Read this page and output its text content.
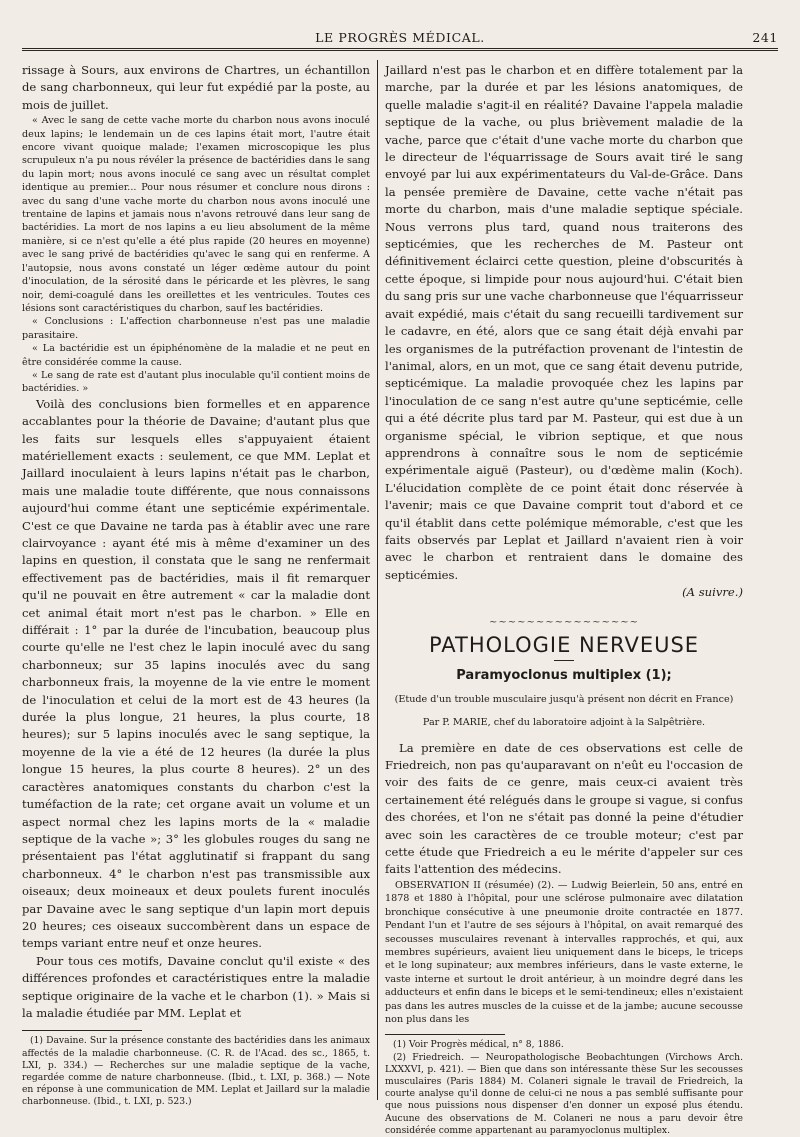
LE PROGRÈS MÉDICAL.	241

rissage à Sours, aux environs de Chartres, un échantillon de sang charbonneux, qui leur fut expédié par la poste, au mois de juillet.

« Avec le sang de cette vache morte du charbon nous avons inoculé deux lapins; le lendemain un de ces lapins était mort, l'autre était encore vivant quoique malade; l'examen microscopique les plus scrupuleux n'a pu nous révéler la présence de bactéridies dans le sang du lapin mort; nous avons inoculé ce sang avec un résultat complet identique au premier... Pour nous résumer et conclure nous dirons : avec du sang d'une vache morte du charbon nous avons inoculé une trentaine de lapins et jamais nous n'avons retrouvé dans leur sang de bactéridies. La mort de nos lapins a eu lieu absolument de la même manière, si ce n'est qu'elle a été plus rapide (20 heures en moyenne) avec le sang privé de bactéridies qu'avec le sang qui en renferme. A l'autopsie, nous avons constaté un léger œdème autour du point d'inoculation, de la sérosité dans le péricarde et les plèvres, le sang noir, demi-coagulé dans les oreillettes et les ventricules. Toutes ces lésions sont caractéristiques du charbon, sauf les bactéridies.

« Conclusions : L'affection charbonneuse n'est pas une maladie parasitaire.

« La bactéridie est un épiphénomène de la maladie et ne peut en être considérée comme la cause.

« Le sang de rate est d'autant plus inoculable qu'il contient moins de bactéridies. »

Voilà des conclusions bien formelles et en apparence accablantes pour la théorie de Davaine; d'autant plus que les faits sur lesquels elles s'appuyaient étaient matériellement exacts : seulement, ce que MM. Leplat et Jaillard inoculaient à leurs lapins n'était pas le charbon, mais une maladie toute différente, que nous connaissons aujourd'hui comme étant une septicémie expérimentale. C'est ce que Davaine ne tarda pas à établir avec une rare clairvoyance : ayant été mis à même d'examiner un des lapins en question, il constata que le sang ne renfermait effectivement pas de bactéridies, mais il fit remarquer qu'il ne pouvait en être autrement « car la maladie dont cet animal était mort n'est pas le charbon. » Elle en différait : 1° par la durée de l'incubation, beaucoup plus courte qu'elle ne l'est chez le lapin inoculé avec du sang charbonneux; sur 35 lapins inoculés avec du sang charbonneux frais, la moyenne de la vie entre le moment de l'inoculation et celui de la mort est de 43 heures (la durée la plus longue, 21 heures, la plus courte, 18 heures); sur 5 lapins inoculés avec le sang septique, la moyenne de la vie a été de 12 heures (la durée la plus longue 15 heures, la plus courte 8 heures). 2° un des caractères anatomiques constants du charbon c'est la tuméfaction de la rate; cet organe avait un volume et un aspect normal chez les lapins morts de la « maladie septique de la vache »; 3° les globules rouges du sang ne présentaient pas l'état agglutinatif si frappant du sang charbonneux. 4° le charbon n'est pas transmissible aux oiseaux; deux moineaux et deux poulets furent inoculés par Davaine avec le sang septique d'un lapin mort depuis 20 heures; ces oiseaux succombèrent dans un espace de temps variant entre neuf et onze heures.

Pour tous ces motifs, Davaine conclut qu'il existe « des différences profondes et caractéristiques entre la maladie septique originaire de la vache et le charbon (1). » Mais si la maladie étudiée par MM. Leplat et

(1) Davaine. Sur la présence constante des bactéridies dans les animaux affectés de la maladie charbonneuse. (C. R. de l'Acad. des sc., 1865, t. LXI, p. 334.) — Recherches sur une maladie septique de la vache, regardée comme de nature charbonneuse. (Ibid., t. LXI, p. 368.) — Note en réponse à une communication de MM. Leplat et Jaillard sur la maladie charbonneuse. (Ibid., t. LXI, p. 523.)

Jaillard n'est pas le charbon et en diffère totalement par la marche, par la durée et par les lésions anatomiques, de quelle maladie s'agit-il en réalité? Davaine l'appela maladie septique de la vache, ou plus brièvement maladie de la vache, parce que c'était d'une vache morte du charbon que le directeur de l'équarrissage de Sours avait tiré le sang envoyé par lui aux expérimentateurs du Val-de-Grâce. Dans la pensée première de Davaine, cette vache n'était pas morte du charbon, mais d'une maladie septique spéciale. Nous verrons plus tard, quand nous traiterons des septicémies, que les recherches de M. Pasteur ont définitivement éclairci cette question, pleine d'obscurités à cette époque, si limpide pour nous aujourd'hui. C'était bien du sang pris sur une vache charbonneuse que l'équarrisseur avait expédié, mais c'était du sang recueilli tardivement sur le cadavre, en été, alors que ce sang était déjà envahi par les organismes de la putréfaction provenant de l'intestin de l'animal, alors, en un mot, que ce sang était devenu putride, septicémique. La maladie provoquée chez les lapins par l'inoculation de ce sang n'est autre qu'une septicémie, celle qui a été décrite plus tard par M. Pasteur, qui est due à un organisme spécial, le vibrion septique, et que nous apprendrons à connaître sous le nom de septicémie expérimentale aiguë (Pasteur), ou d'œdème malin (Koch). L'élucidation complète de ce point était donc réservée à l'avenir; mais ce que Davaine comprit tout d'abord et ce qu'il établit dans cette polémique mémorable, c'est que les faits observés par Leplat et Jaillard n'avaient rien à voir avec le charbon et rentraient dans le domaine des septicémies.

(A suivre.)
~~~~~~~~~~~~~~~~
PATHOLOGIE NERVEUSE
Paramyoclonus multiplex (1);
(Etude d'un trouble musculaire jusqu'à présent non décrit en France)
Par P. MARIE, chef du laboratoire adjoint à la Salpêtrière.

La première en date de ces observations est celle de Friedreich, non pas qu'auparavant on n'eût eu l'occasion de voir des faits de ce genre, mais ceux-ci avaient très certainement été relégués dans le groupe si vague, si confus des chorées, et l'on ne s'était pas donné la peine d'étudier avec soin les caractères de ce trouble moteur; c'est par cette étude que Friedreich a eu le mérite d'appeler sur ces faits l'attention des médecins.

OBSERVATION II (résumée) (2). — Ludwig Beierlein, 50 ans, entré en 1878 et 1880 à l'hôpital, pour une sclérose pulmonaire avec dilatation bronchique consécutive à une pneumonie droite contractée en 1877. Pendant l'un et l'autre de ses séjours à l'hôpital, on avait remarqué des secousses musculaires revenant à intervalles rapprochés, et qui, aux membres supérieurs, avaient lieu uniquement dans le biceps, le triceps et le long supinateur; aux membres inférieurs, dans le vaste externe, le vaste interne et surtout le droit antérieur, à un moindre degré dans les adducteurs et enfin dans le biceps et le semi-tendineux; elles n'existaient pas dans les autres muscles de la cuisse et de la jambe; aucune secousse non plus dans les

(1) Voir Progrès médical, n° 8, 1886.

(2) Friedreich. — Neuropathologische Beobachtungen (Virchows Arch. LXXXVI, p. 421). — Bien que dans son intéressante thèse Sur les secousses musculaires (Paris 1884) M. Colaneri signale le travail de Friedreich, la courte analyse qu'il donne de celui-ci ne nous a pas semblé suffisante pour que nous puissions nous dispenser d'en donner un exposé plus étendu. Aucune des observations de M. Colaneri ne nous a paru devoir être considérée comme appartenant au paramyoclonus multiplex.
